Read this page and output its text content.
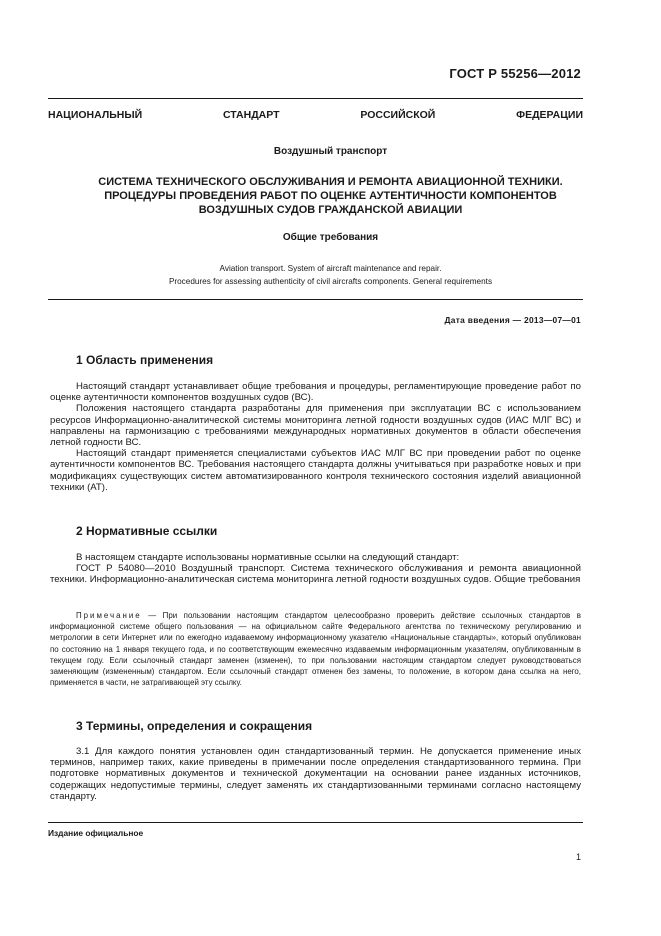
ГОСТ Р 55256—2012
НАЦИОНАЛЬНЫЙ	СТАНДАРТ	РОССИЙСКОЙ	ФЕДЕРАЦИИ
Воздушный транспорт
СИСТЕМА ТЕХНИЧЕСКОГО ОБСЛУЖИВАНИЯ И РЕМОНТА АВИАЦИОННОЙ ТЕХНИКИ.
ПРОЦЕДУРЫ ПРОВЕДЕНИЯ РАБОТ ПО ОЦЕНКЕ АУТЕНТИЧНОСТИ КОМПОНЕНТОВ
ВОЗДУШНЫХ СУДОВ ГРАЖДАНСКОЙ АВИАЦИИ
Общие требования
Aviation transport. System of aircraft maintenance and repair.
Procedures for assessing authenticity of civil aircrafts components. General requirements
Дата введения — 2013—07—01
1 Область применения

Настоящий стандарт устанавливает общие требования и процедуры, регламентирующие проведение работ по оценке аутентичности компонентов воздушных судов (ВС).

Положения настоящего стандарта разработаны для применения при эксплуатации ВС с использованием ресурсов Информационно-аналитической системы мониторинга летной годности воздушных судов (ИАС МЛГ ВС) и направлены на гармонизацию с требованиями международных нормативных документов в области обеспечения летной годности ВС.

Настоящий стандарт применяется специалистами субъектов ИАС МЛГ ВС при проведении работ по оценке аутентичности компонентов ВС. Требования настоящего стандарта должны учитываться при разработке новых и при модификациях существующих систем автоматизированного контроля технического состояния изделий авиационной техники (АТ).

2 Нормативные ссылки

В настоящем стандарте использованы нормативные ссылки на следующий стандарт:

ГОСТ Р 54080—2010 Воздушный транспорт. Система технического обслуживания и ремонта авиационной техники. Информационно-аналитическая система мониторинга летной годности воздушных судов. Общие требования

Примечание — При пользовании настоящим стандартом целесообразно проверить действие ссылочных стандартов в информационной системе общего пользования — на официальном сайте Федерального агентства по техническому регулированию и метрологии в сети Интернет или по ежегодно издаваемому информационному указателю «Национальные стандарты», который опубликован по состоянию на 1 января текущего года, и по соответствующим ежемесячно издаваемым информационным указателям, опубликованным в текущем году. Если ссылочный стандарт заменен (изменен), то при пользовании настоящим стандартом следует руководствоваться заменяющим (измененным) стандартом. Если ссылочный стандарт отменен без замены, то положение, в котором дана ссылка на него, применяется в части, не затрагивающей эту ссылку.

3 Термины, определения и сокращения

3.1 Для каждого понятия установлен один стандартизованный термин. Не допускается применение иных терминов, например таких, какие приведены в примечании после определения стандартизованного термина. При подготовке нормативных документов и технической документации на основании ранее изданных источников, содержащих недопустимые термины, следует заменять их стандартизованными терминами согласно настоящему стандарту.

Издание официальное
1
